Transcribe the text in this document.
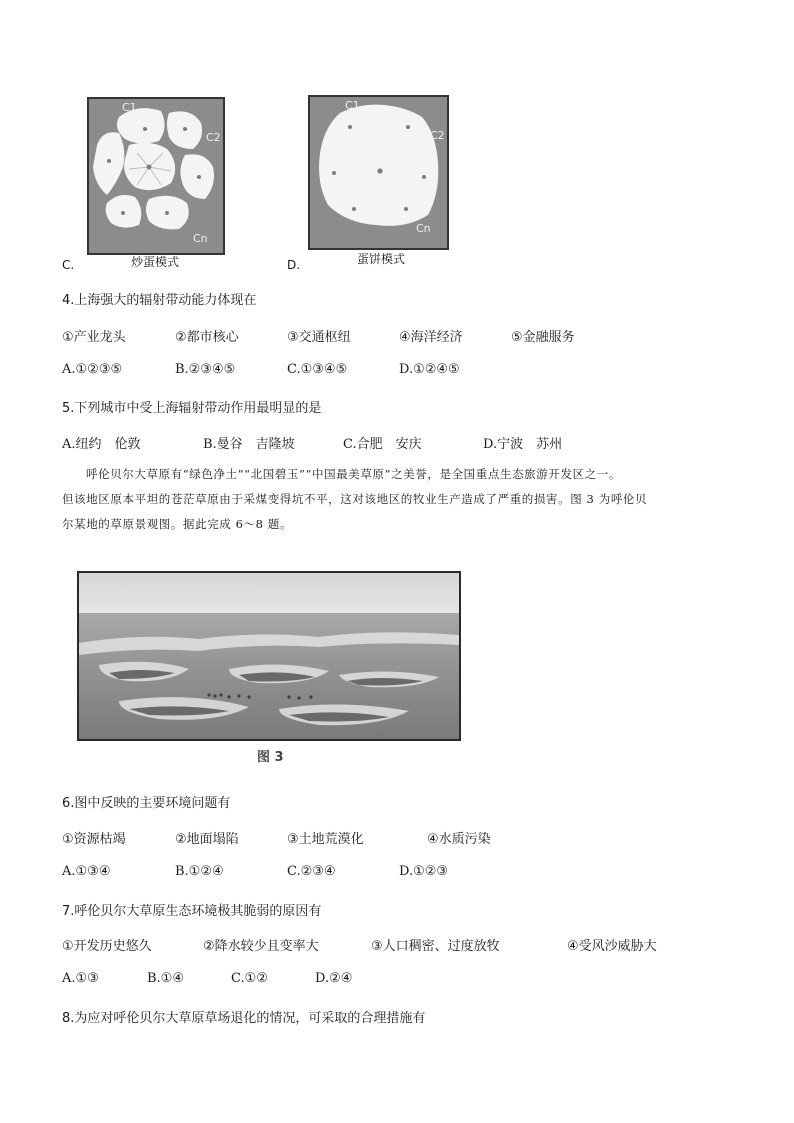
C1
C2
Cn
C.	炒蛋模式
C1
C2
Cn
D.	蛋饼模式
4.上海强大的辐射带动能力体现在
①产业龙头	②都市核心	③交通枢纽	④海洋经济	⑤金融服务
A.①②③⑤	B.②③④⑤	C.①③④⑤	D.①②④⑤
5.下列城市中受上海辐射带动作用最明显的是
A.纽约　伦敦	B.曼谷　吉隆坡	C.合肥　安庆	D.宁波　苏州
呼伦贝尔大草原有“绿色净土”“北国碧玉”“中国最美草原”之美誉，是全国重点生态旅游开发区之一。
但该地区原本平坦的苍茫草原由于采煤变得坑不平，这对该地区的牧业生产造成了严重的损害。图 3 为呼伦贝
尔某地的草原景观图。据此完成 6～8 题。
图 3
6.图中反映的主要环境问题有
①资源枯竭	②地面塌陷	③土地荒漠化	④水质污染
A.①③④	B.①②④	C.②③④	D.①②③
7.呼伦贝尔大草原生态环境极其脆弱的原因有
①开发历史悠久	②降水较少且变率大	③人口稠密、过度放牧	④受风沙威胁大
A.①③	B.①④	C.①②	D.②④
8.为应对呼伦贝尔大草原草场退化的情况，可采取的合理措施有
